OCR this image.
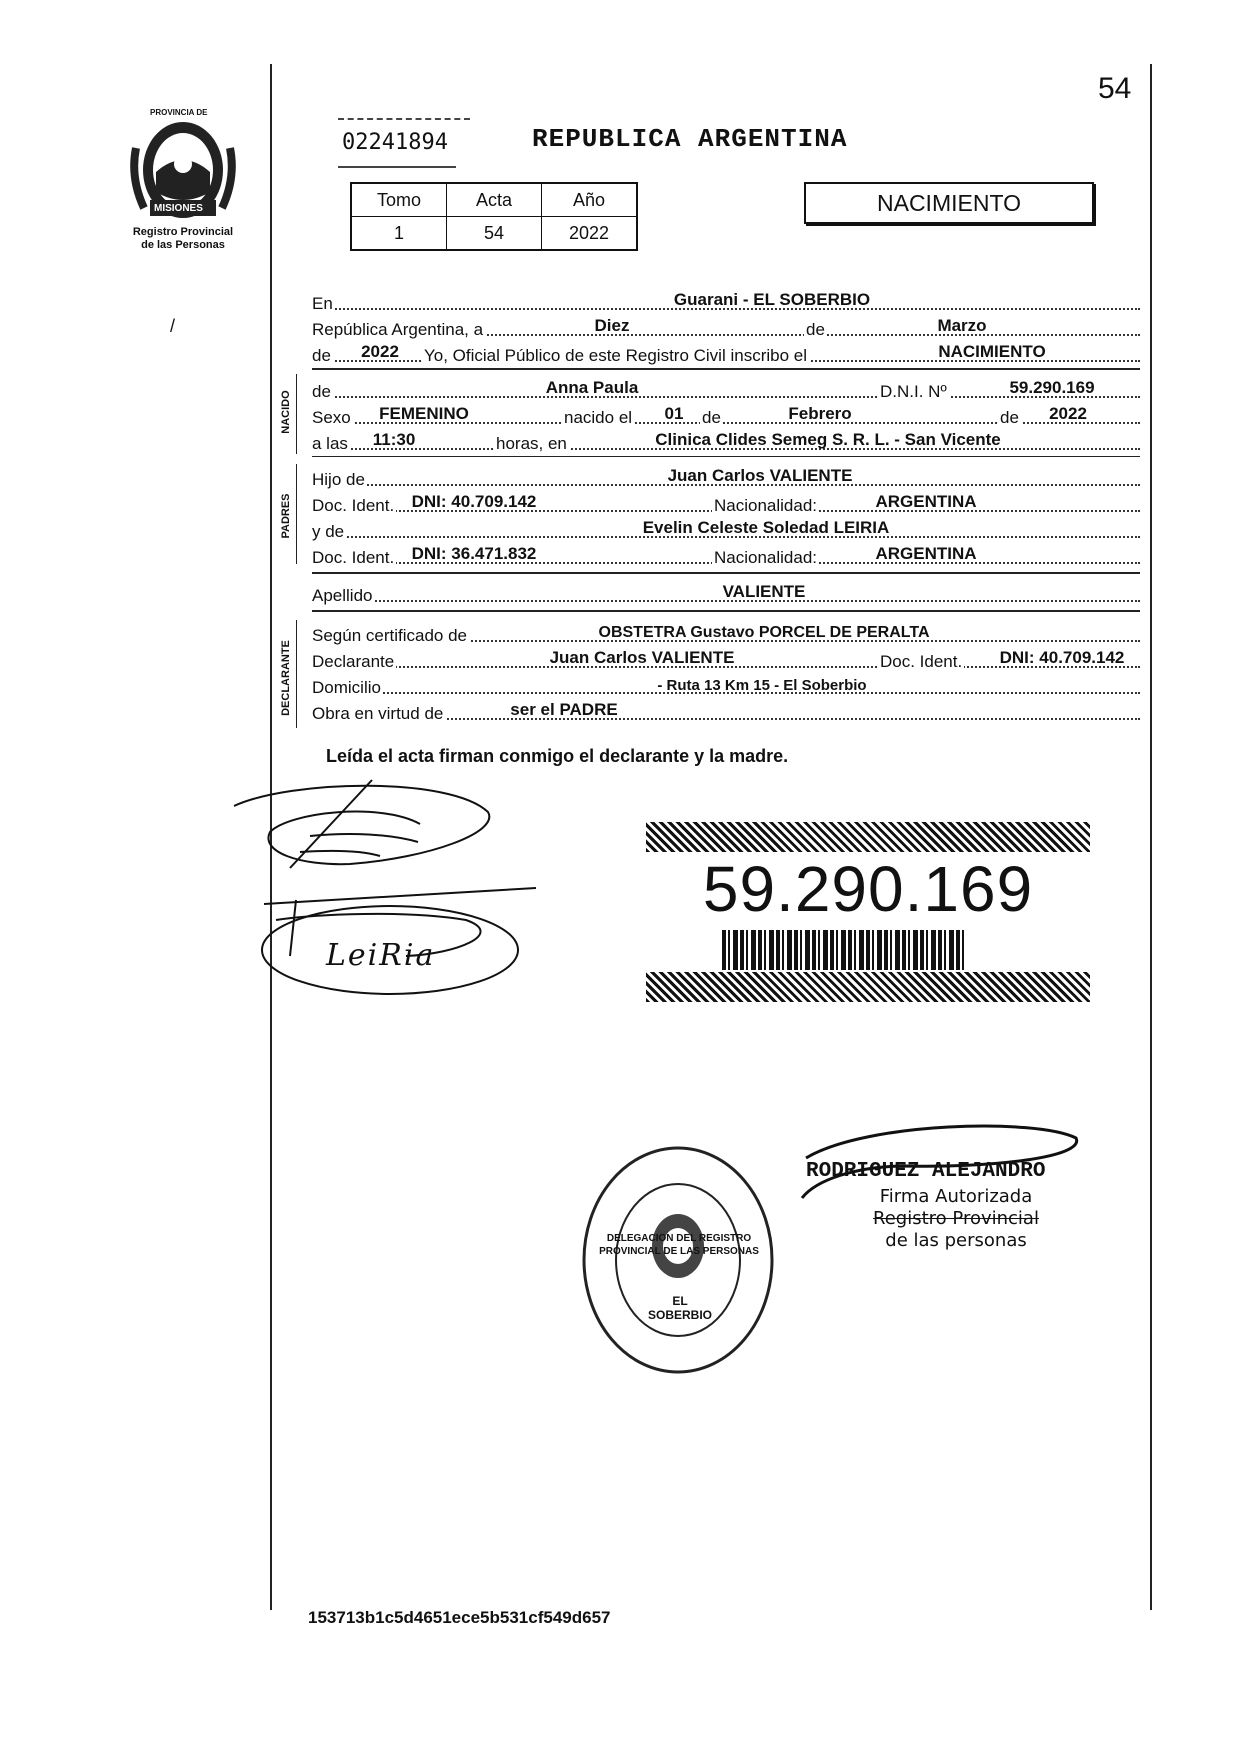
PROVINCIA DE
MISIONES
Registro Provincial
de las Personas
/
54
02241894	REPUBLICA ARGENTINA
Tomo	Acta	Año
1	54	2022
NACIMIENTO
En	Guarani - EL SOBERBIO
República Argentina, a	Diez	de	Marzo
de 2022 Yo, Oficial Público de este Registro Civil inscribo el	NACIMIENTO
NACIDO de	Anna Paula	D.N.I. Nº	59.290.169
Sexo FEMENINO	nacido el 01 de	Febrero	de 2022
a las 11:30	horas, en	Clinica Clides Semeg S. R. L. - San Vicente
PADRES
Hijo de	Juan Carlos VALIENTE
Doc. Ident. DNI: 40.709.142	Nacionalidad:	ARGENTINA
y de	Evelin Celeste Soledad LEIRIA
Doc. Ident. DNI: 36.471.832	Nacionalidad:	ARGENTINA
Apellido	VALIENTE
DECLARANTE
Según certificado de	OBSTETRA Gustavo PORCEL DE PERALTA
Declarante	Juan Carlos VALIENTE	Doc. Ident. DNI: 40.709.142
Domicilio	- Ruta 13 Km 15 - El Soberbio
Obra en virtud de	ser el PADRE
Leída el acta firman conmigo el declarante y la madre.
LeiRia
59.290.169
DELEGACION DEL REGISTRO PROVINCIAL DE LAS PERSONAS
EL SOBERBIO
RODRIGUEZ ALEJANDRO
Firma Autorizada
Registro Provincial
de las personas
153713b1c5d4651ece5b531cf549d657
